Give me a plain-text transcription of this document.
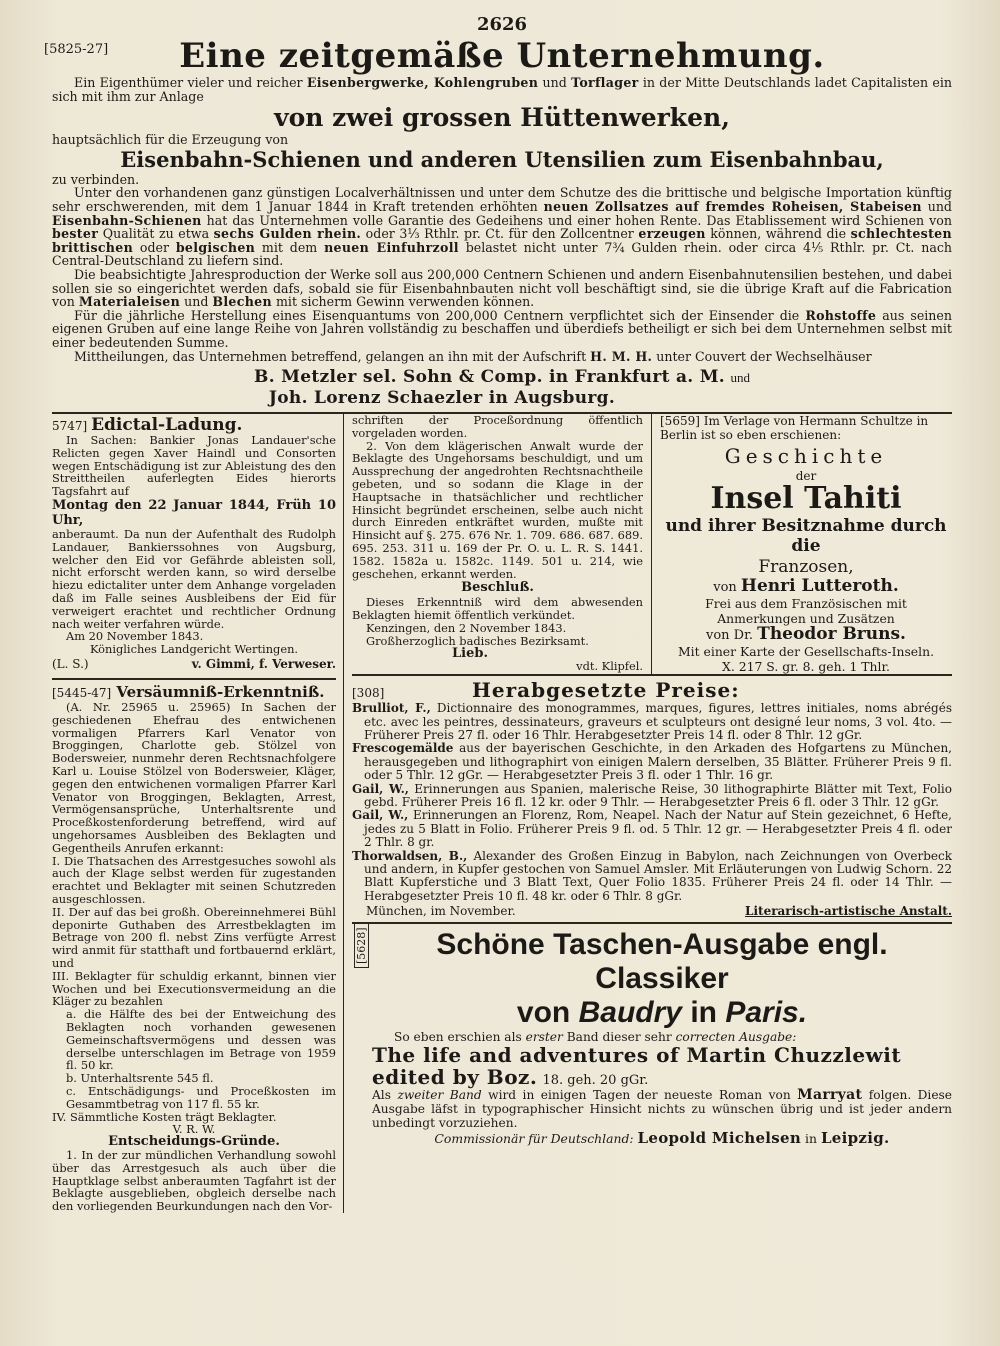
2626
[5825-27]	Eine zeitgemäße Unternehmung.

Ein Eigenthümer vieler und reicher Eisenbergwerke, Kohlengruben und Torflager in der Mitte Deutschlands ladet Capitalisten ein sich mit ihm zur Anlage

von zwei grossen Hüttenwerken,

hauptsächlich für die Erzeugung von

Eisenbahn-Schienen und anderen Utensilien zum Eisenbahnbau,

zu verbinden.

Unter den vorhandenen ganz günstigen Localverhältnissen und unter dem Schutze des die brittische und belgische Importation künftig sehr erschwerenden, mit dem 1 Januar 1844 in Kraft tretenden erhöhten neuen Zollsatzes auf fremdes Roheisen, Stabeisen und Eisenbahn-Schienen hat das Unternehmen volle Garantie des Gedeihens und einer hohen Rente. Das Etablissement wird Schienen von bester Qualität zu etwa sechs Gulden rhein. oder 3⅓ Rthlr. pr. Ct. für den Zollcentner erzeugen können, während die schlechtesten brittischen oder belgischen mit dem neuen Einfuhrzoll belastet nicht unter 7¾ Gulden rhein. oder circa 4⅕ Rthlr. pr. Ct. nach Central-Deutschland zu liefern sind.

Die beabsichtigte Jahresproduction der Werke soll aus 200,000 Centnern Schienen und andern Eisenbahnutensilien bestehen, und dabei sollen sie so eingerichtet werden dafs, sobald sie für Eisenbahnbauten nicht voll beschäftigt sind, sie die übrige Kraft auf die Fabrication von Materialeisen und Blechen mit sicherm Gewinn verwenden können.

Für die jährliche Herstellung eines Eisenquantums von 200,000 Centnern verpflichtet sich der Einsender die Rohstoffe aus seinen eigenen Gruben auf eine lange Reihe von Jahren vollständig zu beschaffen und überdiefs betheiligt er sich bei dem Unternehmen selbst mit einer bedeutenden Summe.

Mittheilungen, das Unternehmen betreffend, gelangen an ihn mit der Aufschrift H. M. H. unter Couvert der Wechselhäuser

B. Metzler sel. Sohn & Comp. in Frankfurt a. M. und
Joh. Lorenz Schaezler in Augsburg.
5747] Edictal-Ladung.

In Sachen: Bankier Jonas Landauer'sche Relicten gegen Xaver Haindl und Consorten wegen Entschädigung ist zur Ableistung des den Streittheilen auferlegten Eides hierorts Tagsfahrt auf

Montag den 22 Januar 1844, Früh 10 Uhr,

anberaumt. Da nun der Aufenthalt des Rudolph Landauer, Bankierssohnes von Augsburg, welcher den Eid vor Gefährde ableisten soll, nicht erforscht werden kann, so wird derselbe hiezu edictaliter unter dem Anhange vorgeladen daß im Falle seines Ausbleibens der Eid für verweigert erachtet und rechtlicher Ordnung nach weiter verfahren würde.

Am 20 November 1843.

Königliches Landgericht Wertingen.

(L. S.)	v. Gimmi, f. Verweser.
[5445-47] Versäumniß-Erkenntniß.

(A. Nr. 25965 u. 25965) In Sachen der geschiedenen Ehefrau des entwichenen vormaligen Pfarrers Karl Venator von Broggingen, Charlotte geb. Stölzel von Bodersweier, nunmehr deren Rechtsnachfolgere Karl u. Louise Stölzel von Bodersweier, Kläger, gegen den entwichenen vormaligen Pfarrer Karl Venator von Broggingen, Beklagten, Arrest, Vermögensansprüche, Unterhaltsrente und Proceßkostenforderung betreffend, wird auf ungehorsames Ausbleiben des Beklagten und Gegentheils Anrufen erkannt:

I. Die Thatsachen des Arrestgesuches sowohl als auch der Klage selbst werden für zugestanden erachtet und Beklagter mit seinen Schutzreden ausgeschlossen.

II. Der auf das bei großh. Obereinnehmerei Bühl deponirte Guthaben des Arrestbeklagten im Betrage von 200 fl. nebst Zins verfügte Arrest wird anmit für statthaft und fortbauernd erklärt, und

III. Beklagter für schuldig erkannt, binnen vier Wochen und bei Executionsvermeidung an die Kläger zu bezahlen

a. die Hälfte des bei der Entweichung des Beklagten noch vorhanden gewesenen Gemeinschaftsvermögens und dessen was derselbe unterschlagen im Betrage von 1959 fl. 50 kr.

b. Unterhaltsrente 545 fl.

c. Entschädigungs- und Proceßkosten im Gesammtbetrag von 117 fl. 55 kr.

IV. Sämmtliche Kosten trägt Beklagter.

V. R. W.

Entscheidungs-Gründe.

1. In der zur mündlichen Verhandlung sowohl über das Arrestgesuch als auch über die Hauptklage selbst anberaumten Tagfahrt ist der Beklagte ausgeblieben, obgleich derselbe nach den vorliegenden Beurkundungen nach den Vor-

schriften der Proceßordnung öffentlich vorgeladen worden.

2. Von dem klägerischen Anwalt wurde der Beklagte des Ungehorsams beschuldigt, und um Aussprechung der angedrohten Rechtsnachtheile gebeten, und so sodann die Klage in der Hauptsache in thatsächlicher und rechtlicher Hinsicht begründet erscheinen, selbe auch nicht durch Einreden entkräftet wurden, mußte mit Hinsicht auf §. 275. 676 Nr. 1. 709. 686. 687. 689. 695. 253. 311 u. 169 der Pr. O. u. L. R. S. 1441. 1582. 1582a u. 1582c. 1149. 501 u. 214, wie geschehen, erkannt werden.

Beschluß.

Dieses Erkenntniß wird dem abwesenden Beklagten hiemit öffentlich verkündet.

Kenzingen, den 2 November 1843.

Großherzoglich badisches Bezirksamt.

Lieb.

vdt. Klipfel.

[5659] Im Verlage von Hermann Schultze in Berlin ist so eben erschienen:
Geschichte
der
Insel Tahiti
und ihrer Besitznahme durch die
Franzosen,
von Henri Lutteroth.
Frei aus dem Französischen mit Anmerkungen und Zusätzen
von Dr. Theodor Bruns.
Mit einer Karte der Gesellschafts-Inseln.
X. 217 S. gr. 8. geh. 1 Thlr.
[308]	Herabgesetzte Preise:

Brulliot, F., Dictionnaire des monogrammes, marques, figures, lettres initiales, noms abrégés etc. avec les peintres, dessinateurs, graveurs et sculpteurs ont designé leur noms, 3 vol. 4to. — Früherer Preis 27 fl. oder 16 Thlr. Herabgesetzter Preis 14 fl. oder 8 Thlr. 12 gGr.

Frescogemälde aus der bayerischen Geschichte, in den Arkaden des Hofgartens zu München, herausgegeben und lithographirt von einigen Malern derselben, 35 Blätter. Früherer Preis 9 fl. oder 5 Thlr. 12 gGr. — Herabgesetzter Preis 3 fl. oder 1 Thlr. 16 gr.

Gail, W., Erinnerungen aus Spanien, malerische Reise, 30 lithographirte Blätter mit Text, Folio gebd. Früherer Preis 16 fl. 12 kr. oder 9 Thlr. — Herabgesetzter Preis 6 fl. oder 3 Thlr. 12 gGr.

Gail, W., Erinnerungen an Florenz, Rom, Neapel. Nach der Natur auf Stein gezeichnet, 6 Hefte, jedes zu 5 Blatt in Folio. Früherer Preis 9 fl. od. 5 Thlr. 12 gr. — Herabgesetzter Preis 4 fl. oder 2 Thlr. 8 gr.

Thorwaldsen, B., Alexander des Großen Einzug in Babylon, nach Zeichnungen von Overbeck und andern, in Kupfer gestochen von Samuel Amsler. Mit Erläuterungen von Ludwig Schorn. 22 Blatt Kupferstiche und 3 Blatt Text, Quer Folio 1835. Früherer Preis 24 fl. oder 14 Thlr. — Herabgesetzter Preis 10 fl. 48 kr. oder 6 Thlr. 8 gGr.

München, im November.	Literarisch-artistische Anstalt.
[5628]	Schöne Taschen-Ausgabe engl. Classiker
von Baudry in Paris.

So eben erschien als erster Band dieser sehr correcten Ausgabe:

The life and adventures of Martin Chuzzlewit edited by Boz. 18. geh. 20 gGr.

Als zweiter Band wird in einigen Tagen der neueste Roman von Marryat folgen. Diese Ausgabe läfst in typographischer Hinsicht nichts zu wünschen übrig und ist jeder andern unbedingt vorzuziehen.

Commissionär für Deutschland: Leopold Michelsen in Leipzig.
